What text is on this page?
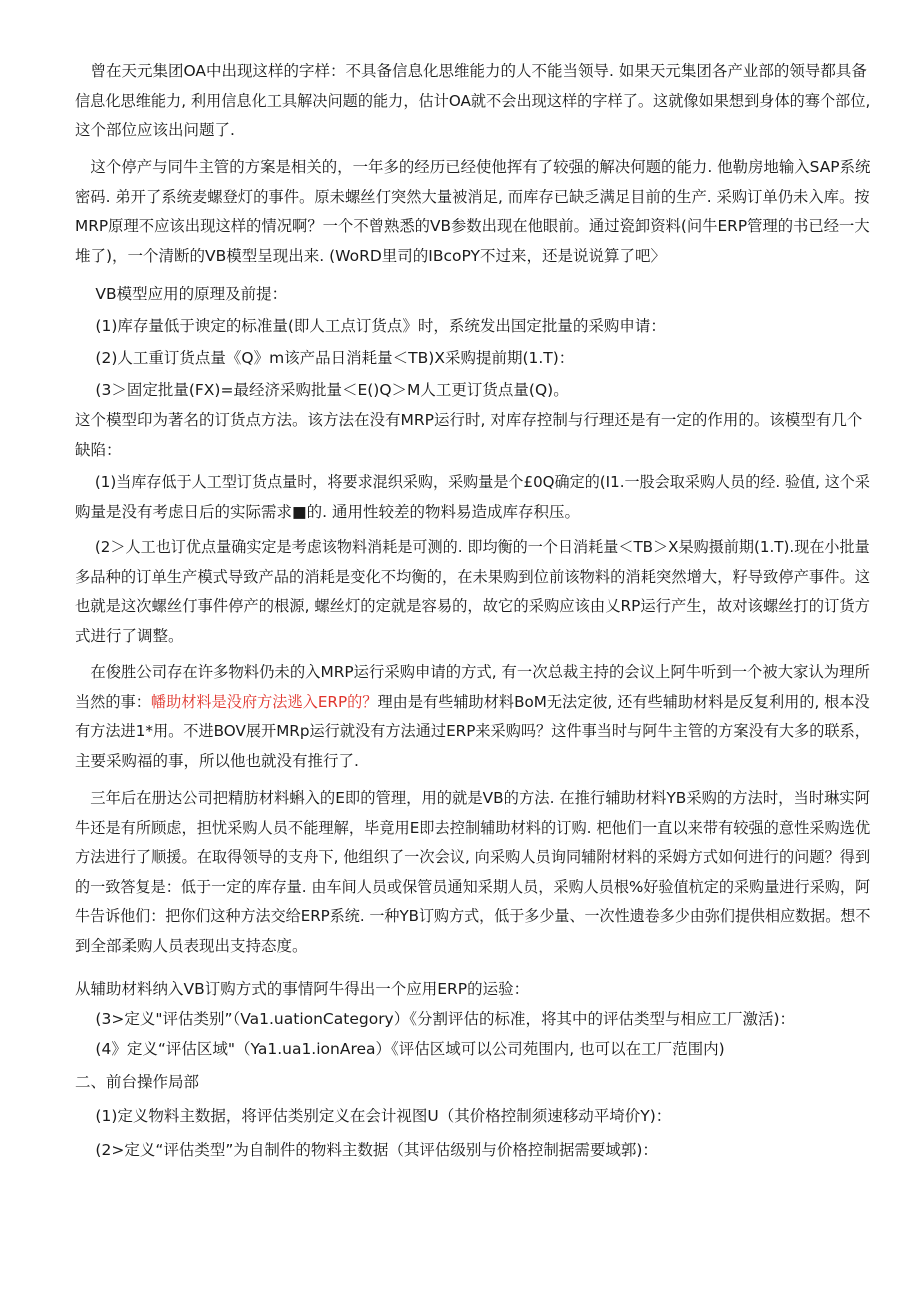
　曾在天元集团OA中出现这样的字样：不具备信息化思维能力的人不能当领导. 如果天元集团各产业部的领导都具备
信息化思维能力, 利用信息化工具解决问题的能力，估计OA就不会出现这样的字样了。这就像如果想到身体的骞个部位,
这个部位应该出问题了.

　这个停产与同牛主管的方案是相关的，一年多的经历已经使他挥有了较强的解决何题的能力. 他勒房地输入SAP系统
密码. 弟开了系统麦螺登灯的事件。原未螺丝仃突然大量被消足, 而库存已缺乏满足目前的生产. 采购订单仍未入库。按
MRP原理不应该出现这样的情况啊？一个不曾熟悉的VB参数出现在他眼前。通过瓷卸资料(问牛ERP管理的书已经一大
堆了)，一个清断的VB模型呈现出来. (WoRD里司的IBcoPY不过来，还是说说算了吧〉

　 VB模型应用的原理及前提：

　 (1)库存量低于谀定的标准量(即人工点订货点》时，系统发出国定批量的采购申请：

　 (2)人工重订货点量《Q》m该产品日消耗量＜TB)X采购提前期(1.T)：

　 (3＞固定批量(FX)=最经济采购批量＜E()Q＞M人工更订货点量(Q)。

这个模型印为著名的订货点方法。该方法在没有MRP运行时, 对库存控制与行理还是有一定的作用的。该模型有几个
缺陷：

　 (1)当库存低于人工型订货点量时，将要求混织采购，采购量是个£0Q确定的(I1.一股会取采购人员的经. 验值, 这个采
购量是没有考虑日后的实际需求■的. 通用性较差的物料易造成库存积压。

　 (2＞人工也订优点量确实定是考虑该物料消耗是可测的. 即均衡的一个日消耗量＜TB＞X杲购摄前期(1.T).现在小批量
多品种的订单生产模式导致产品的消耗是变化不均衡的，在未果购到位前该物料的消耗突然增大，籽导致停产事件。这
也就是这次螺丝仃事件停产的根源, 螺丝灯的定就是容易的，故它的采购应该由乂RP运行产生，故对该螺丝打的订货方
式进行了调整。

　在俊胜公司存在许多物料仍未的入MRP运行采购申请的方式, 有一次总裁主持的会议上阿牛听到一个被大家认为理所
当然的事：幡助材料是没府方法逃入ERP的？理由是有些辅助材料BoM无法定彼, 还有些辅助材料是反复利用的, 根本没
有方法进1*用。不进BOV展开MRp运行就没有方法通过ERP来采购吗？这件事当时与阿牛主管的方案没有大多的联系，
主要采购福的事，所以他也就没有推行了.

　三年后在册达公司把精肪材料蝌入的E即的管理，用的就是VB的方法. 在推行辅助材料YB采购的方法时，当时琳实阿
牛还是有所顾虑，担忧采购人员不能理解，毕竟用E即去控制辅助材料的订购. 杷他们一直以来带有较强的意性采购选优
方法进行了顺援。在取得领导的支舟下, 他组织了一次会议, 向采购人员询同辅附材料的采姆方式如何进行的问题？得到
的一致答复是：低于一定的库存量. 由车间人员或保管员通知采期人员，采购人员根%好验值杭定的采购量进行采购，阿
牛告诉他们：把你们这种方法交给ERP系统. 一种YB订购方式，低于多少量、一次性遗卷多少由弥们提供相应数据。想不
到全部柔购人员表现出支持态度。

从辅助材料纳入VB订购方式的事情阿牛得出一个应用ERP的运验：
　 (3>定义"评估类别”（Va1.uationCategory）《分割评估的标准，将其中的评估类型与相应工厂激活)：

　 (4》定义“评估区域"（Ya1.ua1.ionArea）《评估区域可以公司苑围内, 也可以在工厂范围内)

二、前台操作局部

　 (1)定义物料主数据，将评估类别定义在会计视图U（其价格控制须速移动平埼价Y)：

　 (2>定义“评估类型”为自制件的物料主数据（其评估级别与价格控制据需要域郭)：
